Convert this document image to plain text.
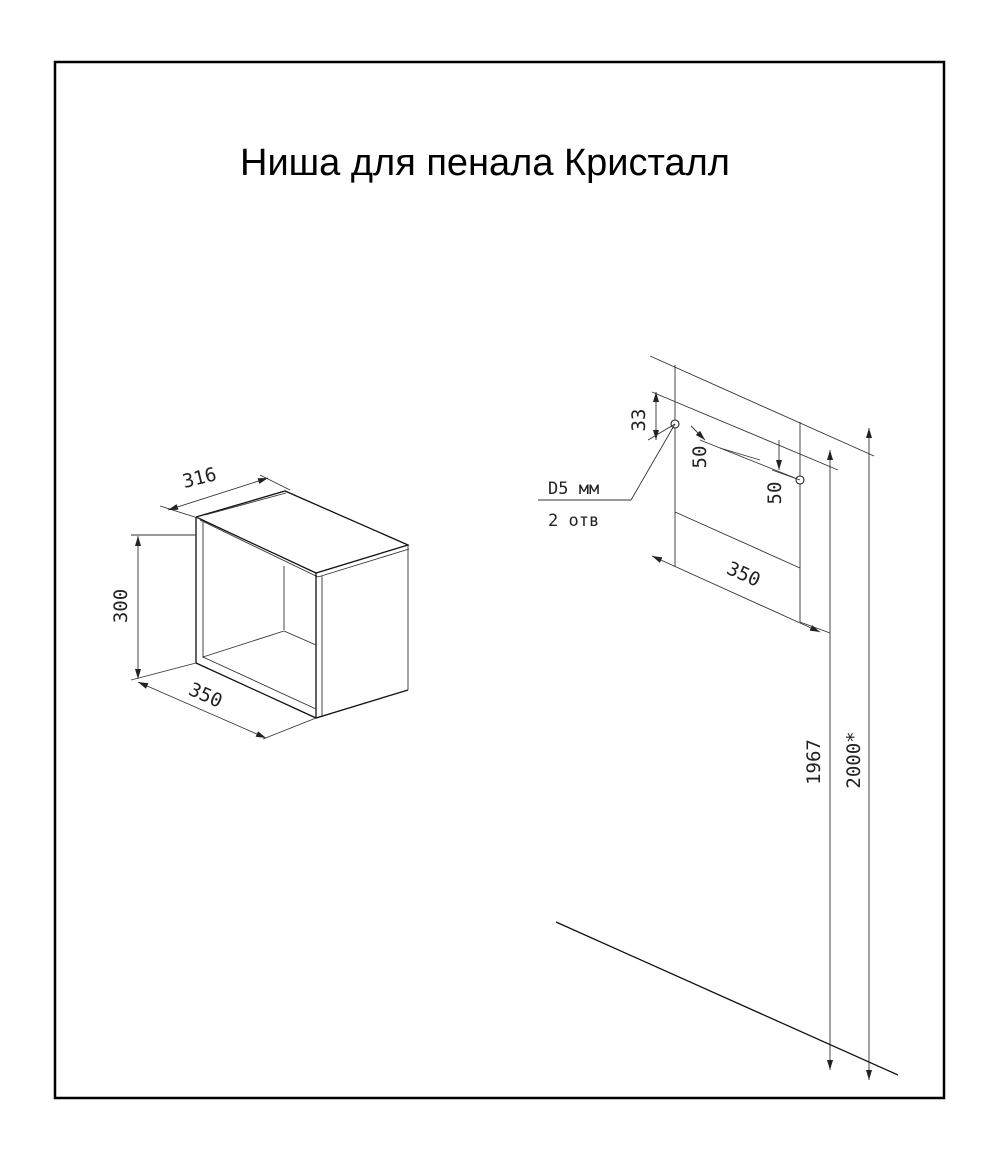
Ниша для пенала Кристалл
316
300
350
33
50
50
D5 мм
2 отв
350
1967 2000*
